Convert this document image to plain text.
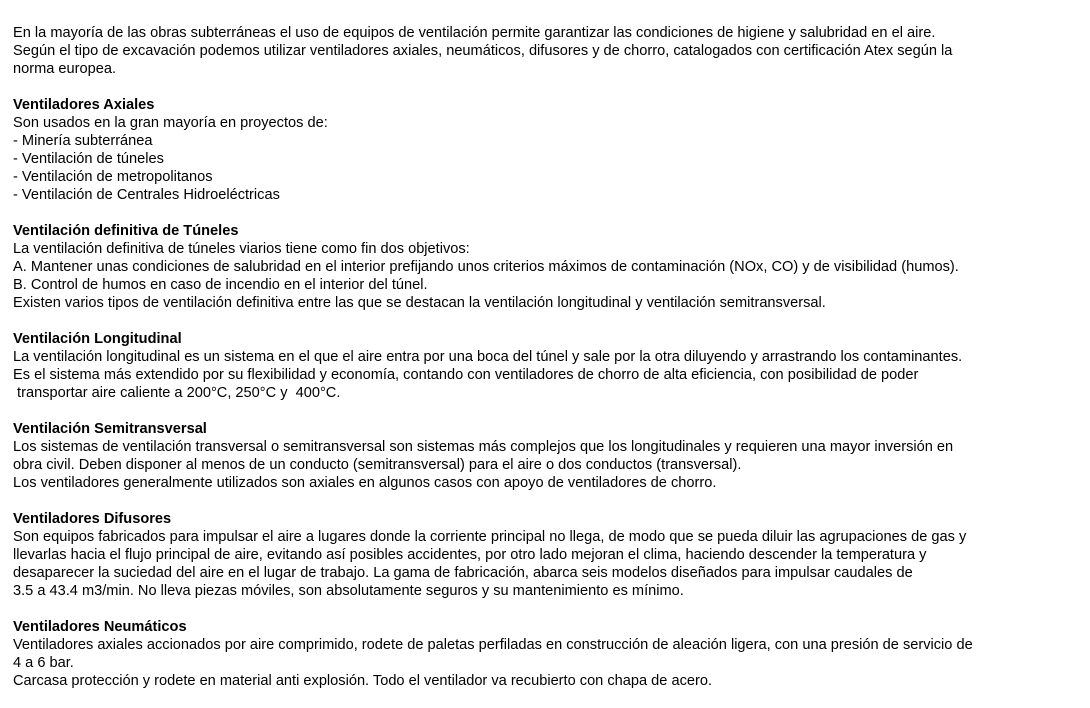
En la mayoría de las obras subterráneas el uso de equipos de ventilación permite garantizar las condiciones de higiene y salubridad en el aire.
Según el tipo de excavación podemos utilizar ventiladores axiales, neumáticos, difusores y de chorro, catalogados con certificación Atex según la
norma europea.
Ventiladores Axiales
Son usados en la gran mayoría en proyectos de:
- Minería subterránea
- Ventilación de túneles
- Ventilación de metropolitanos
- Ventilación de Centrales Hidroeléctricas
Ventilación definitiva de Túneles
La ventilación definitiva de túneles viarios tiene como fin dos objetivos:
A. Mantener unas condiciones de salubridad en el interior prefijando unos criterios máximos de contaminación (NOx, CO) y de visibilidad (humos).
B. Control de humos en caso de incendio en el interior del túnel.
Existen varios tipos de ventilación definitiva entre las que se destacan la ventilación longitudinal y ventilación semitransversal.
Ventilación Longitudinal
La ventilación longitudinal es un sistema en el que el aire entra por una boca del túnel y sale por la otra diluyendo y arrastrando los contaminantes.
Es el sistema más extendido por su flexibilidad y economía, contando con ventiladores de chorro de alta eficiencia, con posibilidad de poder
transportar aire caliente a 200°C, 250°C y  400°C.
Ventilación Semitransversal
Los sistemas de ventilación transversal o semitransversal son sistemas más complejos que los longitudinales y requieren una mayor inversión en
obra civil. Deben disponer al menos de un conducto (semitransversal) para el aire o dos conductos (transversal).
Los ventiladores generalmente utilizados son axiales en algunos casos con apoyo de ventiladores de chorro.
Ventiladores Difusores
Son equipos fabricados para impulsar el aire a lugares donde la corriente principal no llega, de modo que se pueda diluir las agrupaciones de gas y
llevarlas hacia el flujo principal de aire, evitando así posibles accidentes, por otro lado mejoran el clima, haciendo descender la temperatura y
desaparecer la suciedad del aire en el lugar de trabajo. La gama de fabricación, abarca seis modelos diseñados para impulsar caudales de
3.5 a 43.4 m3/min. No lleva piezas móviles, son absolutamente seguros y su mantenimiento es mínimo.
Ventiladores Neumáticos
Ventiladores axiales accionados por aire comprimido, rodete de paletas perfiladas en construcción de aleación ligera, con una presión de servicio de
4 a 6 bar.
Carcasa protección y rodete en material anti explosión. Todo el ventilador va recubierto con chapa de acero.
